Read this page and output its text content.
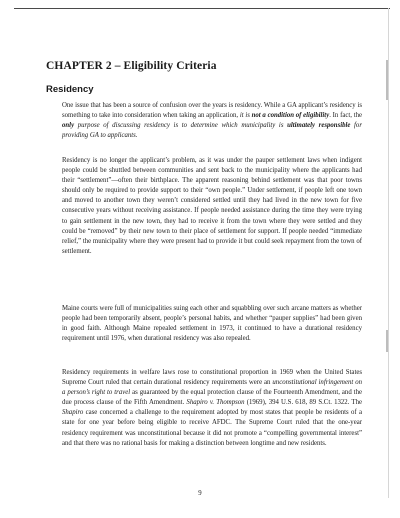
CHAPTER 2 – Eligibility Criteria
Residency

One issue that has been a source of confusion over the years is residency. While a GA applicant’s residency is something to take into consideration when taking an application, it is not a condition of eligibility. In fact, the only purpose of discussing residency is to determine which municipality is ultimately responsible for providing GA to applicants.

Residency is no longer the applicant’s problem, as it was under the pauper settlement laws when indigent people could be shuttled between communities and sent back to the municipality where the applicants had their “settlement”—often their birthplace. The apparent reasoning behind settlement was that poor towns should only be required to provide support to their “own people.” Under settlement, if people left one town and moved to another town they weren’t considered settled until they had lived in the new town for five consecutive years without receiving assistance. If people needed assistance during the time they were trying to gain settlement in the new town, they had to receive it from the town where they were settled and they could be “removed” by their new town to their place of settlement for support. If people needed “immediate relief,” the municipality where they were present had to provide it but could seek repayment from the town of settlement.

Maine courts were full of municipalities suing each other and squabbling over such arcane matters as whether people had been temporarily absent, people’s personal habits, and whether “pauper supplies” had been given in good faith. Although Maine repealed settlement in 1973, it continued to have a durational residency requirement until 1976, when durational residency was also repealed.

Residency requirements in welfare laws rose to constitutional proportion in 1969 when the United States Supreme Court ruled that certain durational residency requirements were an unconstitutional infringement on a person’s right to travel as guaranteed by the equal protection clause of the Fourteenth Amendment, and the due process clause of the Fifth Amendment. Shapiro v. Thompson (1969), 394 U.S. 618, 89 S.Ct. 1322. The Shapiro case concerned a challenge to the requirement adopted by most states that people be residents of a state for one year before being eligible to receive AFDC. The Supreme Court ruled that the one-year residency requirement was unconstitutional because it did not promote a “compelling governmental interest” and that there was no rational basis for making a distinction between longtime and new residents.

9
